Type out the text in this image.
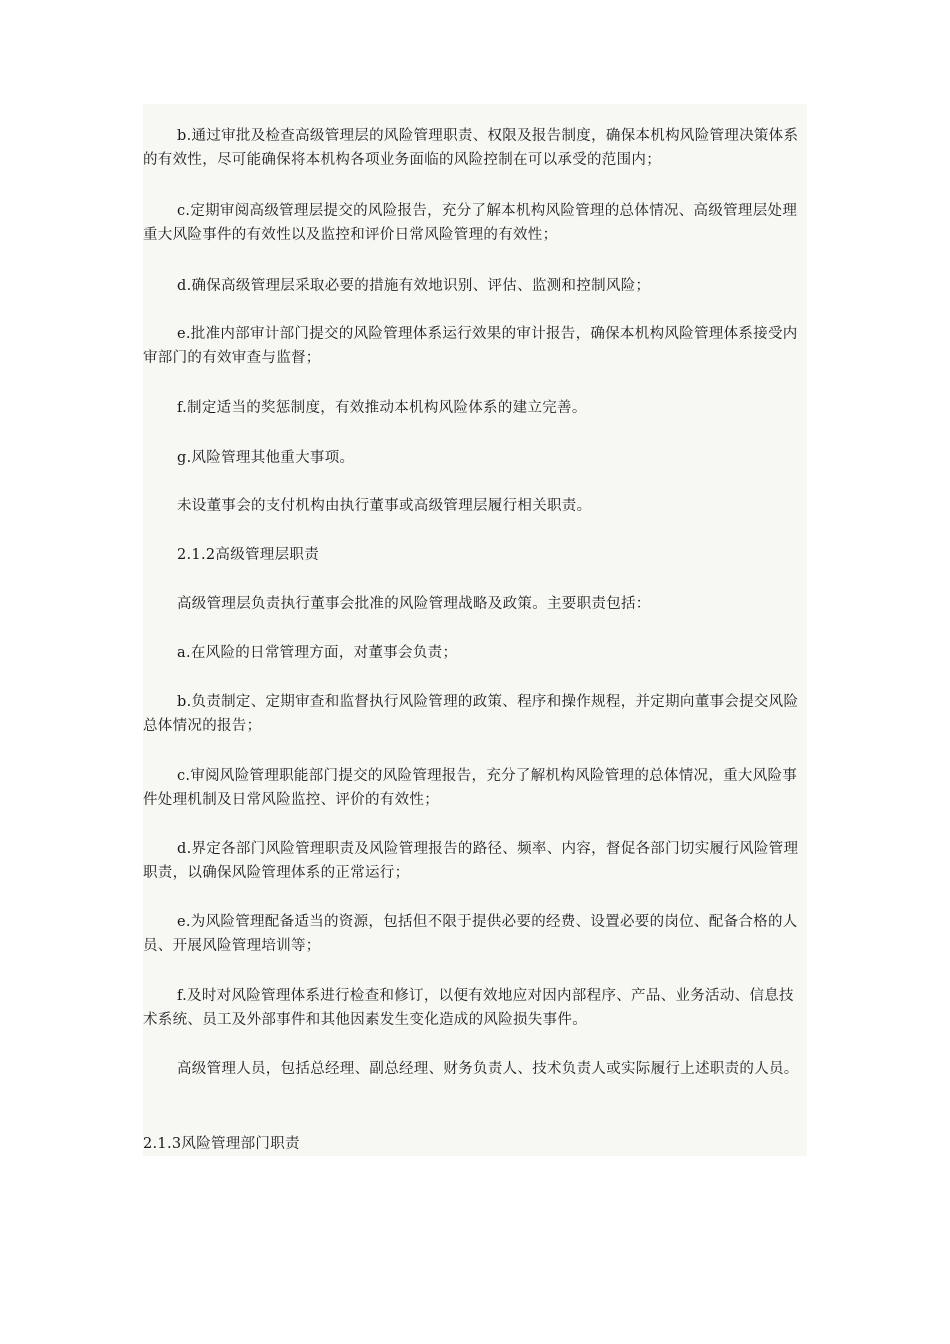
b.通过审批及检查高级管理层的风险管理职责、权限及报告制度，确保本机构风险管理决策体系的有效性，尽可能确保将本机构各项业务面临的风险控制在可以承受的范围内；

c.定期审阅高级管理层提交的风险报告，充分了解本机构风险管理的总体情况、高级管理层处理重大风险事件的有效性以及监控和评价日常风险管理的有效性；

d.确保高级管理层采取必要的措施有效地识别、评估、监测和控制风险；

e.批准内部审计部门提交的风险管理体系运行效果的审计报告，确保本机构风险管理体系接受内审部门的有效审查与监督；

f.制定适当的奖惩制度，有效推动本机构风险体系的建立完善。

g.风险管理其他重大事项。

未设董事会的支付机构由执行董事或高级管理层履行相关职责。

2.1.2高级管理层职责

高级管理层负责执行董事会批准的风险管理战略及政策。主要职责包括：

a.在风险的日常管理方面，对董事会负责；

b.负责制定、定期审查和监督执行风险管理的政策、程序和操作规程，并定期向董事会提交风险总体情况的报告；

c.审阅风险管理职能部门提交的风险管理报告，充分了解机构风险管理的总体情况，重大风险事件处理机制及日常风险监控、评价的有效性；

d.界定各部门风险管理职责及风险管理报告的路径、频率、内容，督促各部门切实履行风险管理职责，以确保风险管理体系的正常运行；

e.为风险管理配备适当的资源，包括但不限于提供必要的经费、设置必要的岗位、配备合格的人员、开展风险管理培训等；

f.及时对风险管理体系进行检查和修订，以便有效地应对因内部程序、产品、业务活动、信息技术系统、员工及外部事件和其他因素发生变化造成的风险损失事件。

高级管理人员，包括总经理、副总经理、财务负责人、技术负责人或实际履行上述职责的人员。

2.1.3风险管理部门职责
